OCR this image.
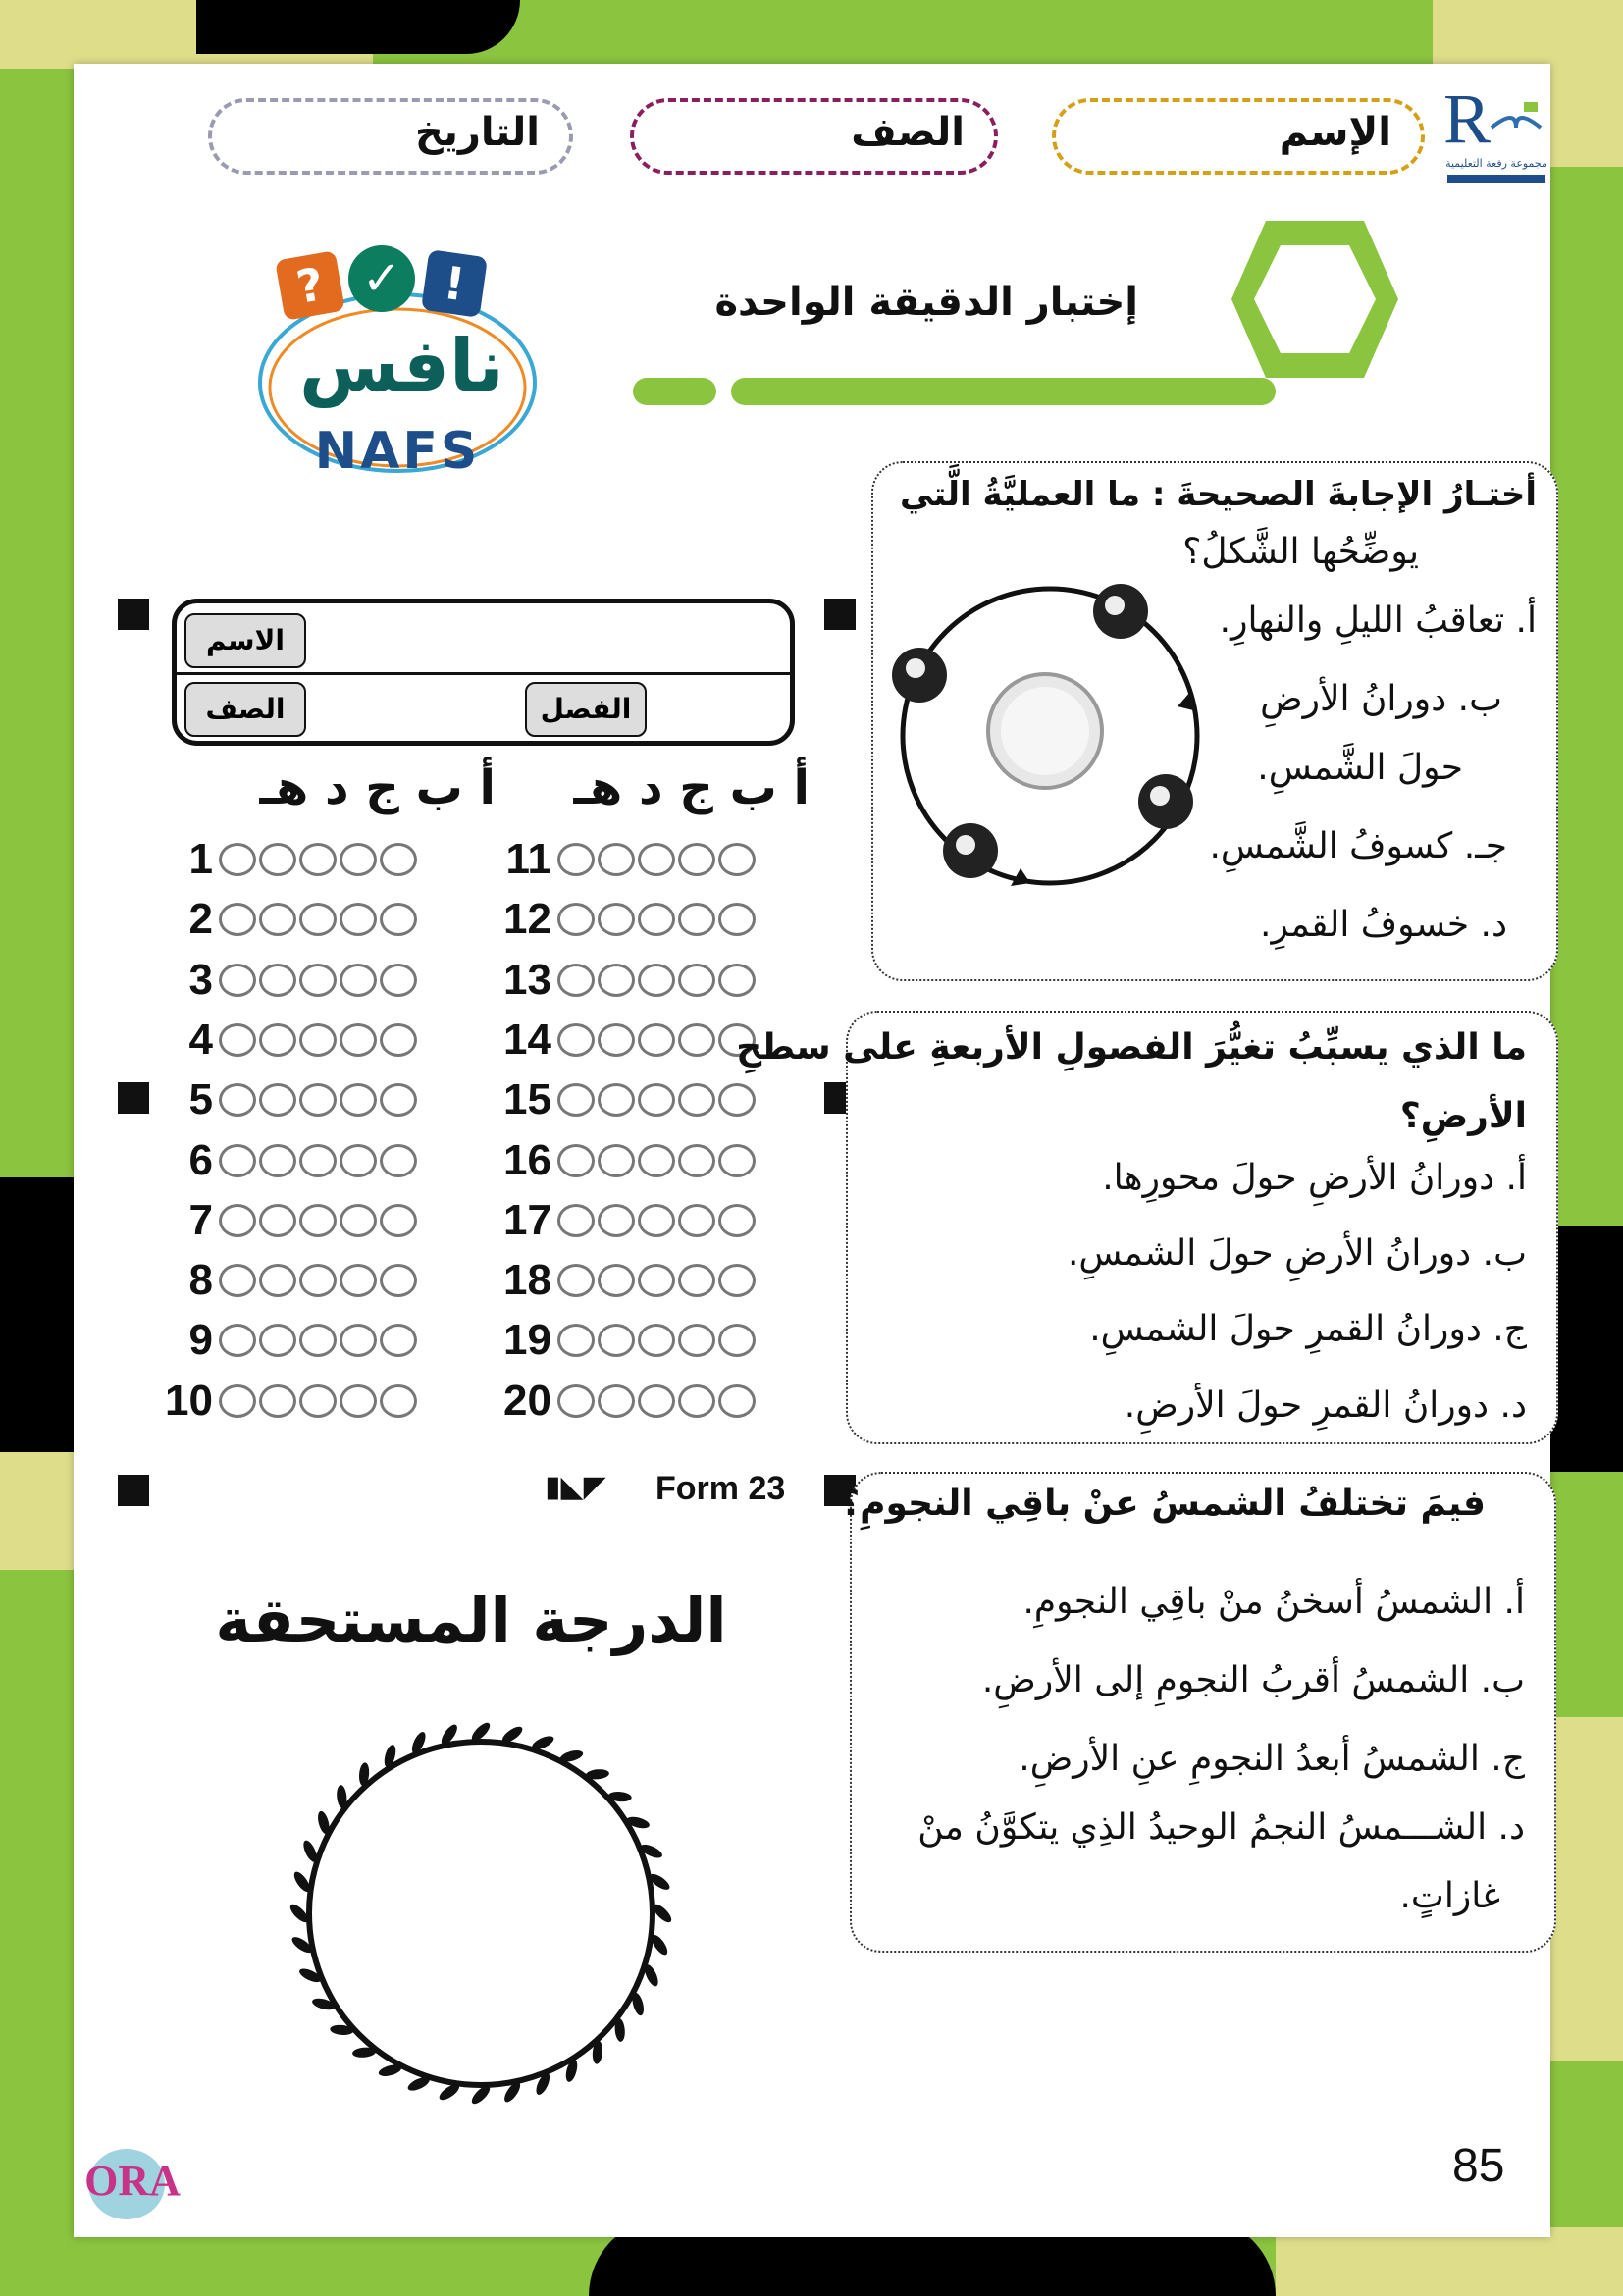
R
مجموعة رفعة التعليمية
الإسم
الصف
التاريخ
إختبار الدقيقة الواحدة
? ✓ !
نافس
NAFS
الاسم
الصف	الفصل
أ ب ج د هـ	أ ب ج د هـ
1
2
3
4
5
6
7
8
9
10
11
12
13
14
15
16
17
18
19
20
▮◣◤ Form 23
الدرجة المستحقة
أختـارُ الإجابةَ الصحيحةَ : ما العمليَّةُ الَّتي
يوضِّحُها الشَّكلُ؟
أ. تعاقبُ الليلِ والنهارِ.
ب. دورانُ الأرضِ
حولَ الشَّمسِ.
جـ. كسوفُ الشَّمسِ.
د. خسوفُ القمرِ.
ما الذي يسبِّبُ تغيُّرَ الفصولِ الأربعةِ على سطحِ
الأرضِ؟
أ. دورانُ الأرضِ حولَ محورِها.
ب. دورانُ الأرضِ حولَ الشمسِ.
ج. دورانُ القمرِ حولَ الشمسِ.
د. دورانُ القمرِ حولَ الأرضِ.
فيمَ تختلفُ الشمسُ عنْ باقِي النجومِ؟
أ. الشمسُ أسخنُ منْ باقِي النجومِ.
ب. الشمسُ أقربُ النجومِ إلى الأرضِ.
ج. الشمسُ أبعدُ النجومِ عنِ الأرضِ.
د. الشـــمسُ النجمُ الوحيدُ الذِي يتكوَّنُ منْ
غازاتٍ.
85
ORA
